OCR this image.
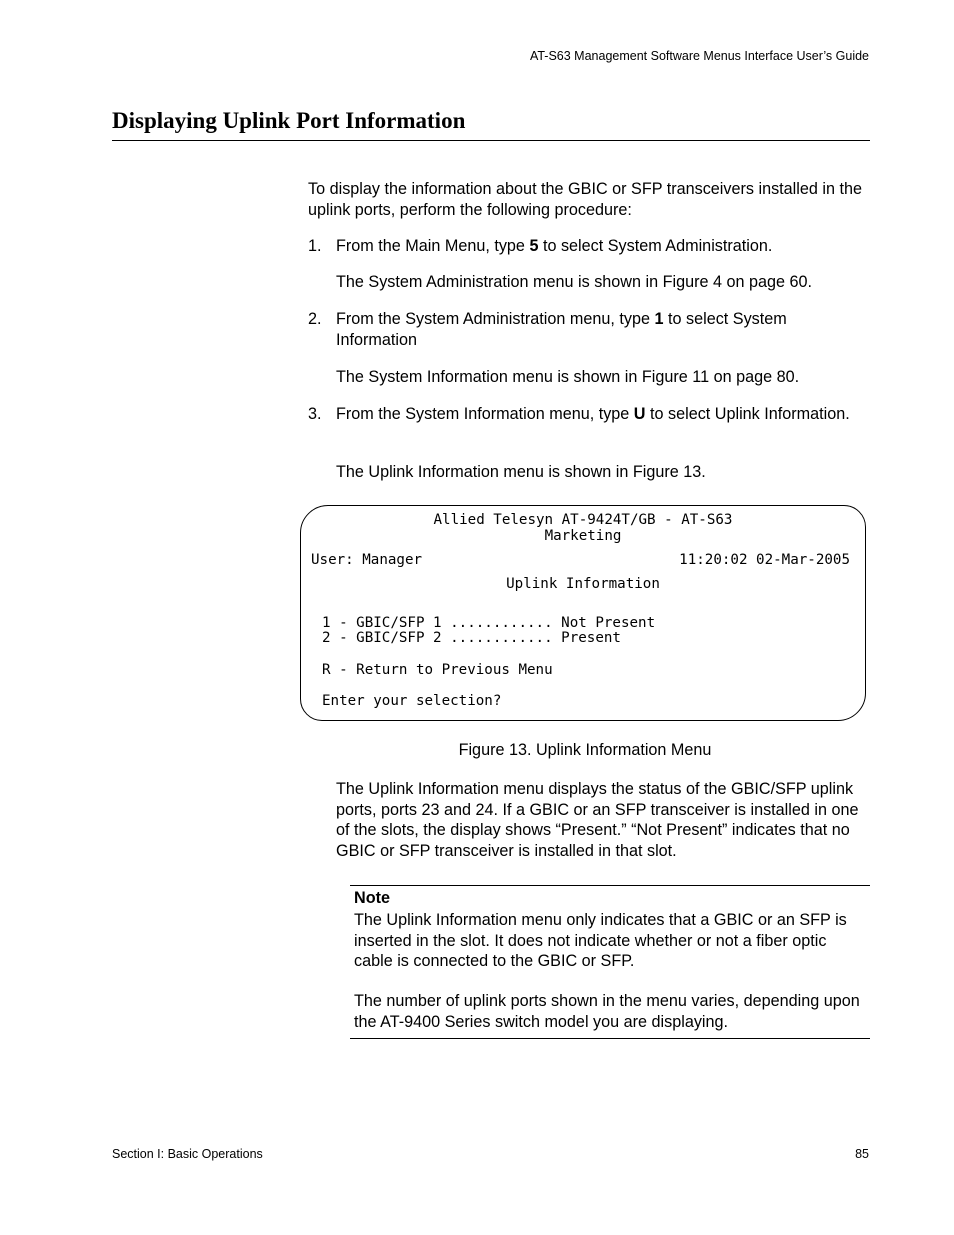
AT-S63 Management Software Menus Interface User’s Guide
Displaying Uplink Port Information
To display the information about the GBIC or SFP transceivers installed in the uplink ports, perform the following procedure:
1. From the Main Menu, type 5 to select System Administration.
The System Administration menu is shown in Figure 4 on page 60.
2. From the System Administration menu, type 1 to select System Information
The System Information menu is shown in Figure 11 on page 80.
3. From the System Information menu, type U to select Uplink Information.
The Uplink Information menu is shown in Figure 13.
Allied Telesyn AT-9424T/GB - AT-S63
Marketing
User: Manager	11:20:02 02-Mar-2005
Uplink Information
1 - GBIC/SFP 1 ............ Not Present
2 - GBIC/SFP 2 ............ Present
R - Return to Previous Menu
Enter your selection?
Figure 13. Uplink Information Menu
The Uplink Information menu displays the status of the GBIC/SFP uplink ports, ports 23 and 24. If a GBIC or an SFP transceiver is installed in one of the slots, the display shows “Present.” “Not Present” indicates that no GBIC or SFP transceiver is installed in that slot.
Note
The Uplink Information menu only indicates that a GBIC or an SFP is inserted in the slot. It does not indicate whether or not a fiber optic cable is connected to the GBIC or SFP.
The number of uplink ports shown in the menu varies, depending upon the AT-9400 Series switch model you are displaying.
Section I: Basic Operations	85
